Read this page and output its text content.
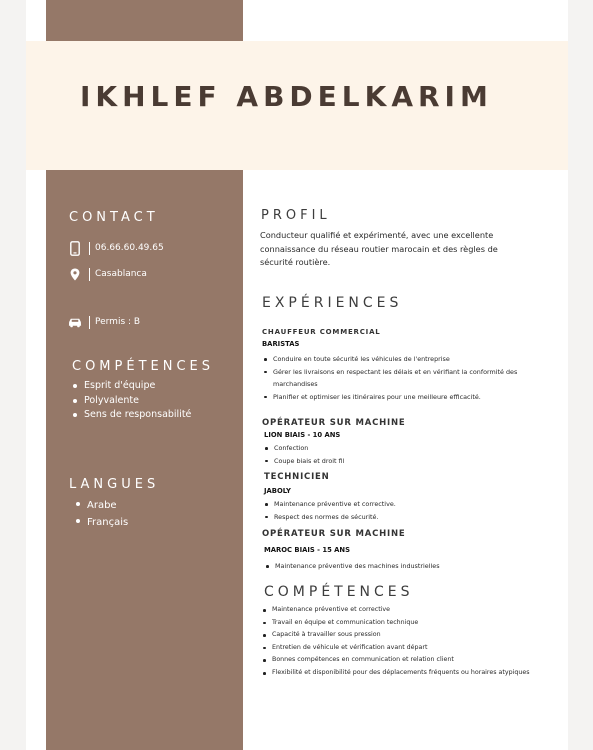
IKHLEF ABDELKARIM
CONTACT
06.66.60.49.65
Casablanca
Permis : B
COMPÉTENCES
Esprit d'équipe
Polyvalente
Sens de responsabilité
LANGUES
Arabe
Français
PROFIL
Conducteur qualifié et expérimenté, avec une excellente connaissance du réseau routier marocain et des règles de sécurité routière.
EXPÉRIENCES
CHAUFFEUR COMMERCIAL
BARISTAS
Conduire en toute sécurité les véhicules de l'entreprise
Gérer les livraisons en respectant les délais et en vérifiant la conformité des marchandises
Planifier et optimiser les itinéraires pour une meilleure efficacité.
OPÉRATEUR SUR MACHINE
LION BIAIS - 10 ANS
Confection
Coupe biais et droit fil
TECHNICIEN
JABOLY
Maintenance préventive et corrective.
Respect des normes de sécurité.
OPÉRATEUR SUR MACHINE
MAROC BIAIS - 15 ANS
Maintenance préventive des machines industrielles
COMPÉTENCES
Maintenance préventive et corrective
Travail en équipe et communication technique
Capacité à travailler sous pression
Entretien de véhicule et vérification avant départ
Bonnes compétences en communication et relation client
Flexibilité et disponibilité pour des déplacements fréquents ou horaires atypiques
